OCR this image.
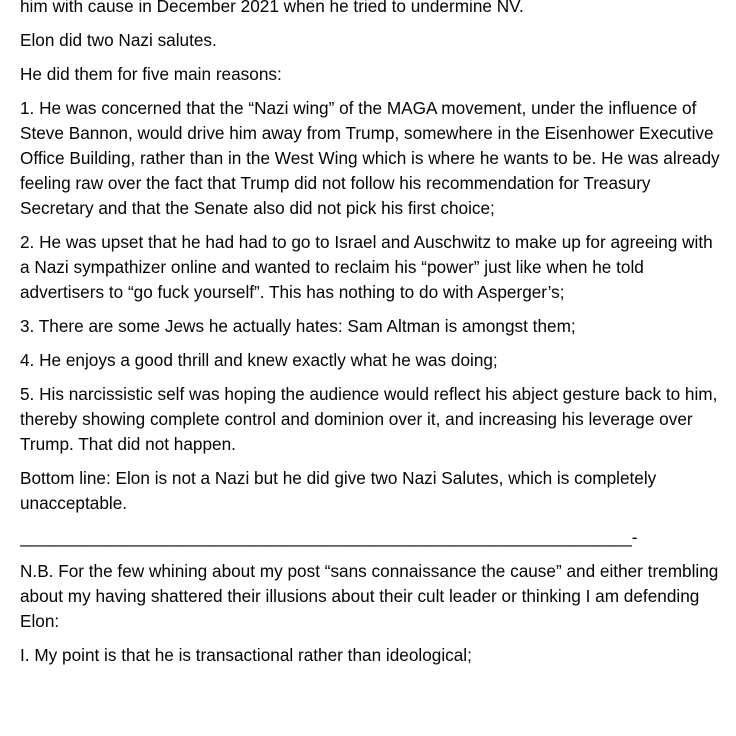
him with cause in December 2021 when he tried to undermine NV.

Elon did two Nazi salutes.

He did them for five main reasons:

1. He was concerned that the “Nazi wing” of the MAGA movement, under the influence of Steve Bannon, would drive him away from Trump, somewhere in the Eisenhower Executive Office Building, rather than in the West Wing which is where he wants to be. He was already feeling raw over the fact that Trump did not follow his recommendation for Treasury Secretary and that the Senate also did not pick his first choice;

2. He was upset that he had had to go to Israel and Auschwitz to make up for agreeing with a Nazi sympathizer online and wanted to reclaim his “power” just like when he told advertisers to “go fuck yourself”. This has nothing to do with Asperger’s;

3. There are some Jews he actually hates: Sam Altman is amongst them;

4. He enjoys a good thrill and knew exactly what he was doing;

5. His narcissistic self was hoping the audience would reflect his abject gesture back to him, thereby showing complete control and dominion over it, and increasing his leverage over Trump. That did not happen.

Bottom line: Elon is not a Nazi but he did give two Nazi Salutes, which is completely unacceptable.

________________________________________________________________-

N.B. For the few whining about my post “sans connaissance the cause” and either trembling about my having shattered their illusions about their cult leader or thinking I am defending Elon:

I. My point is that he is transactional rather than ideological;
